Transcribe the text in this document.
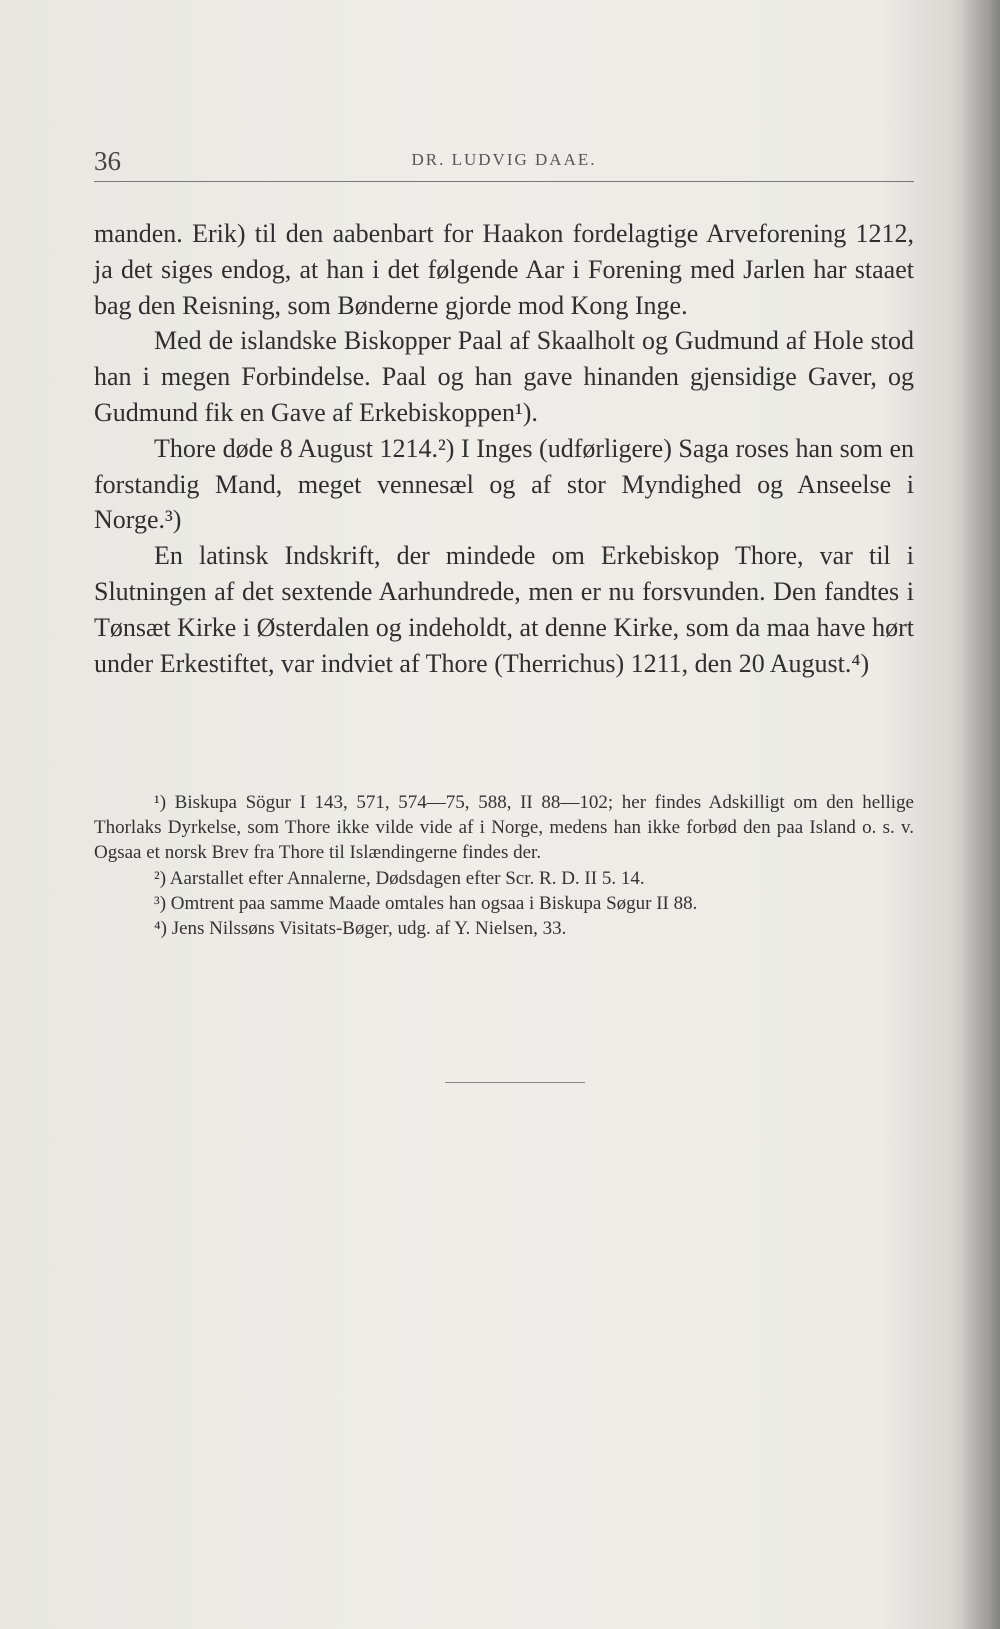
36	DR. LUDVIG DAAE.

manden. Erik) til den aabenbart for Haakon fordelagtige Arveforening 1212, ja det siges endog, at han i det følgende Aar i Forening med Jarlen har staaet bag den Reisning, som Bønderne gjorde mod Kong Inge.

Med de islandske Biskopper Paal af Skaalholt og Gudmund af Hole stod han i megen Forbindelse. Paal og han gave hinanden gjensidige Gaver, og Gudmund fik en Gave af Erkebiskoppen¹).

Thore døde 8 August 1214.²) I Inges (udførligere) Saga roses han som en forstandig Mand, meget vennesæl og af stor Myndighed og Anseelse i Norge.³)

En latinsk Indskrift, der mindede om Erkebiskop Thore, var til i Slutningen af det sextende Aarhundrede, men er nu forsvunden. Den fandtes i Tønsæt Kirke i Østerdalen og indeholdt, at denne Kirke, som da maa have hørt under Erkestiftet, var indviet af Thore (Therrichus) 1211, den 20 August.⁴)

¹) Biskupa Sögur I 143, 571, 574—75, 588, II 88—102; her findes Adskilligt om den hellige Thorlaks Dyrkelse, som Thore ikke vilde vide af i Norge, medens han ikke forbød den paa Island o. s. v. Ogsaa et norsk Brev fra Thore til Islændingerne findes der.

²) Aarstallet efter Annalerne, Dødsdagen efter Scr. R. D. II 5. 14.

³) Omtrent paa samme Maade omtales han ogsaa i Biskupa Søgur II 88.

⁴) Jens Nilssøns Visitats-Bøger, udg. af Y. Nielsen, 33.
